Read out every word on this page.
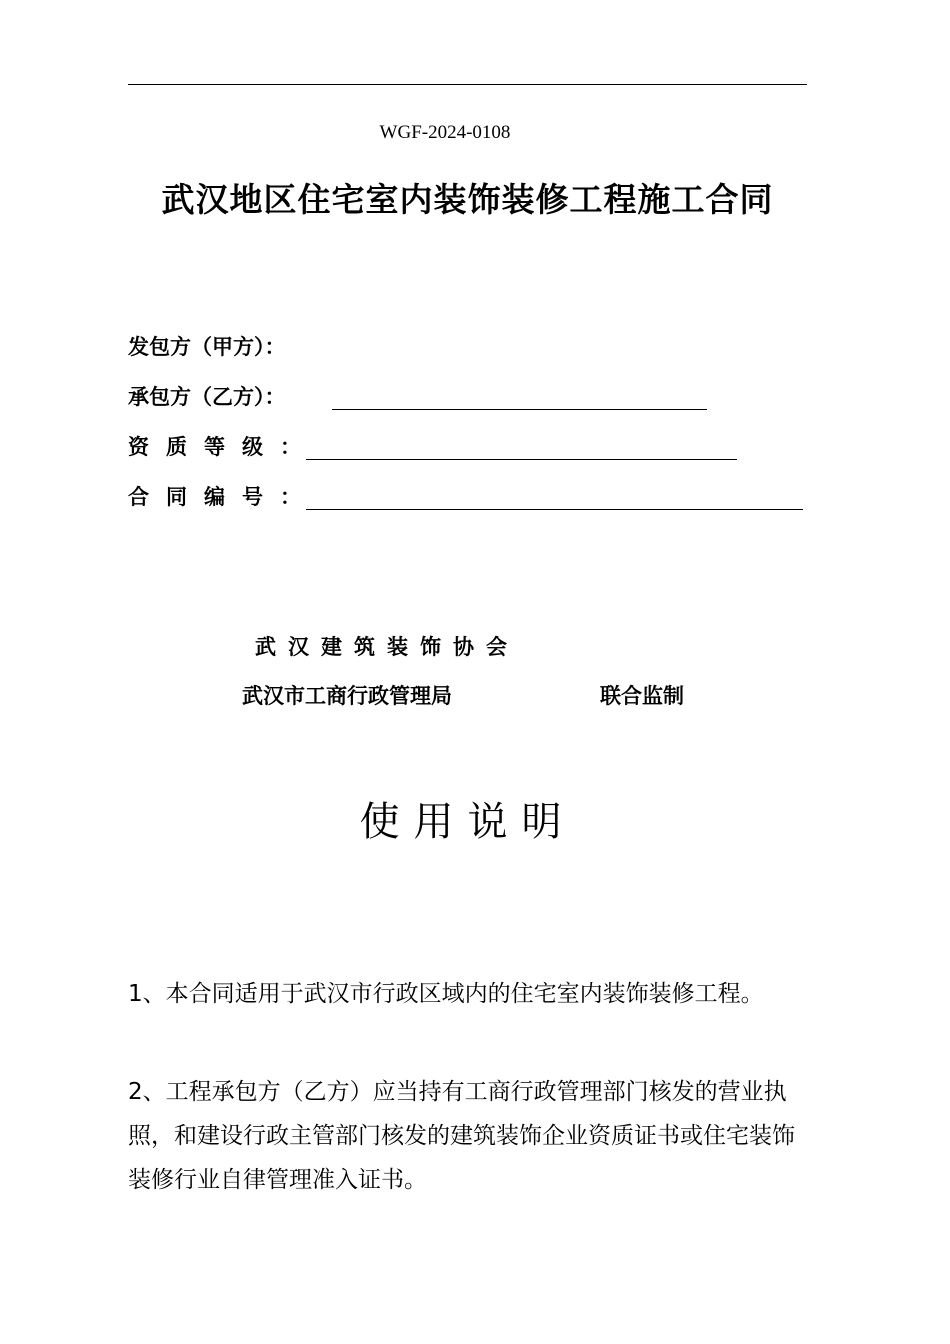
WGF-2024-0108
武汉地区住宅室内装饰装修工程施工合同
发包方（甲方）：
承包方（乙方）：
资质等级：
合同编号：
武汉建筑装饰协会
武汉市工商行政管理局	联合监制
使用说明
1、本合同适用于武汉市行政区域内的住宅室内装饰装修工程。
2、工程承包方（乙方）应当持有工商行政管理部门核发的营业执照，和建设行政主管部门核发的建筑装饰企业资质证书或住宅装饰装修行业自律管理准入证书。
